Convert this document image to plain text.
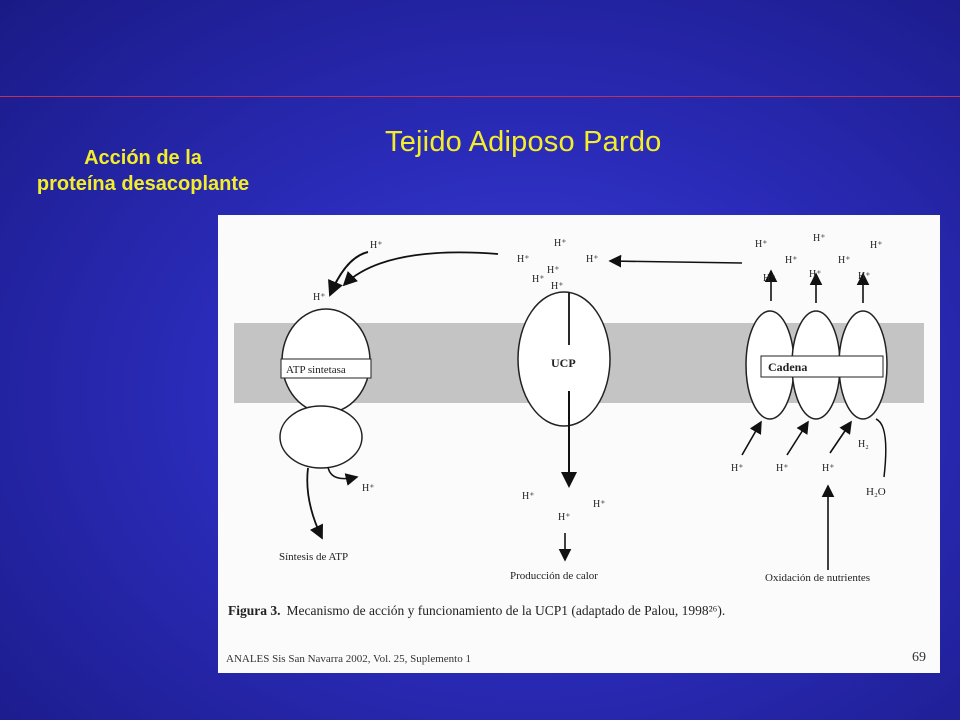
Tejido Adiposo Pardo
Acción de la
proteína desacoplante
ATP sintetasa	UCP	Cadena
H⁺
H⁺
H⁺
H⁺
H⁺
H⁺
H⁺
H⁺
H⁺
H⁺
H⁺
H⁺
H⁺
H⁺
H⁺
H⁺	H⁺
H⁺	H⁺	H⁺
H⁺	H⁺	H⁺
H₂
H₂O
Síntesis de ATP
Producción de calor	Oxidación de nutrientes
Figura 3. Mecanismo de acción y funcionamiento de la UCP1 (adaptado de Palou, 1998²⁶).
ANALES Sis San Navarra 2002, Vol. 25, Suplemento 1	69
